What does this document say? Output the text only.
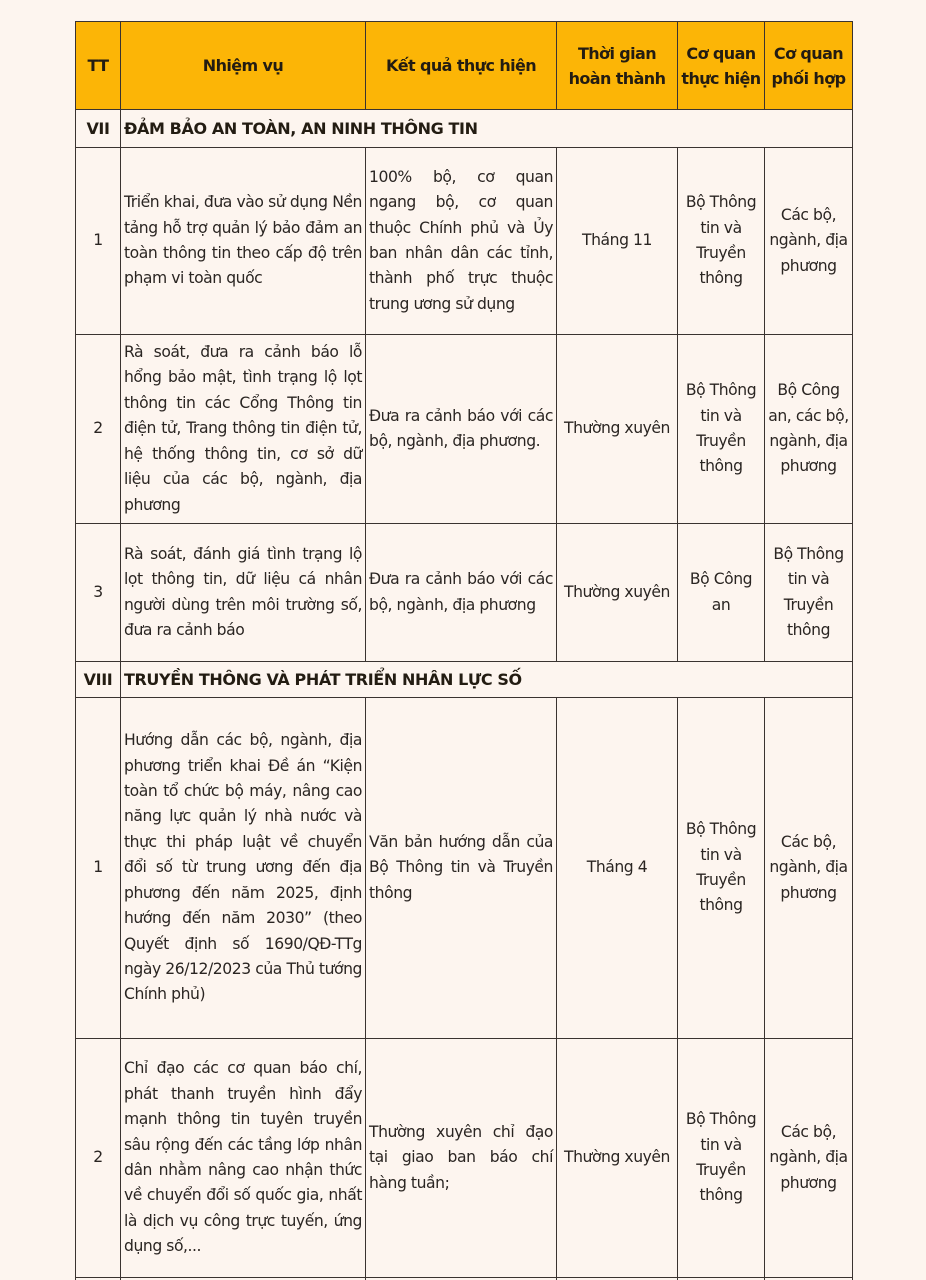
TT	Nhiệm vụ	Kết quả thực hiện	Thời gian hoàn thành	Cơ quan thực hiện	Cơ quan phối hợp
VII	ĐẢM BẢO AN TOÀN, AN NINH THÔNG TIN				
1	Triển khai, đưa vào sử dụng Nền tảng hỗ trợ quản lý bảo đảm an toàn thông tin theo cấp độ trên phạm vi toàn quốc	100% bộ, cơ quan ngang bộ, cơ quan thuộc Chính phủ và Ủy ban nhân dân các tỉnh, thành phố trực thuộc trung ương sử dụng	Tháng 11	Bộ Thông tin và Truyền thông	Các bộ, ngành, địa phương
2	Rà soát, đưa ra cảnh báo lỗ hổng bảo mật, tình trạng lộ lọt thông tin các Cổng Thông tin điện tử, Trang thông tin điện tử, hệ thống thông tin, cơ sở dữ liệu của các bộ, ngành, địa phương	Đưa ra cảnh báo với các bộ, ngành, địa phương.	Thường xuyên	Bộ Thông tin và Truyền thông	Bộ Công an, các bộ, ngành, địa phương
3	Rà soát, đánh giá tình trạng lộ lọt thông tin, dữ liệu cá nhân người dùng trên môi trường số, đưa ra cảnh báo	Đưa ra cảnh báo với các bộ, ngành, địa phương	Thường xuyên	Bộ Công an	Bộ Thông tin và Truyền thông
VIII	TRUYỀN THÔNG VÀ PHÁT TRIỂN NHÂN LỰC SỐ				
1	Hướng dẫn các bộ, ngành, địa phương triển khai Đề án “Kiện toàn tổ chức bộ máy, nâng cao năng lực quản lý nhà nước và thực thi pháp luật về chuyển đổi số từ trung ương đến địa phương đến năm 2025, định hướng đến năm 2030” (theo Quyết định số 1690/QĐ-TTg ngày 26/12/2023 của Thủ tướng Chính phủ)	Văn bản hướng dẫn của Bộ Thông tin và Truyền thông	Tháng 4	Bộ Thông tin và Truyền thông	Các bộ, ngành, địa phương
2	Chỉ đạo các cơ quan báo chí, phát thanh truyền hình đẩy mạnh thông tin tuyên truyền sâu rộng đến các tầng lớp nhân dân nhằm nâng cao nhận thức về chuyển đổi số quốc gia, nhất là dịch vụ công trực tuyến, ứng dụng số,...	Thường xuyên chỉ đạo tại giao ban báo chí hàng tuần;	Thường xuyên	Bộ Thông tin và Truyền thông	Các bộ, ngành, địa phương
